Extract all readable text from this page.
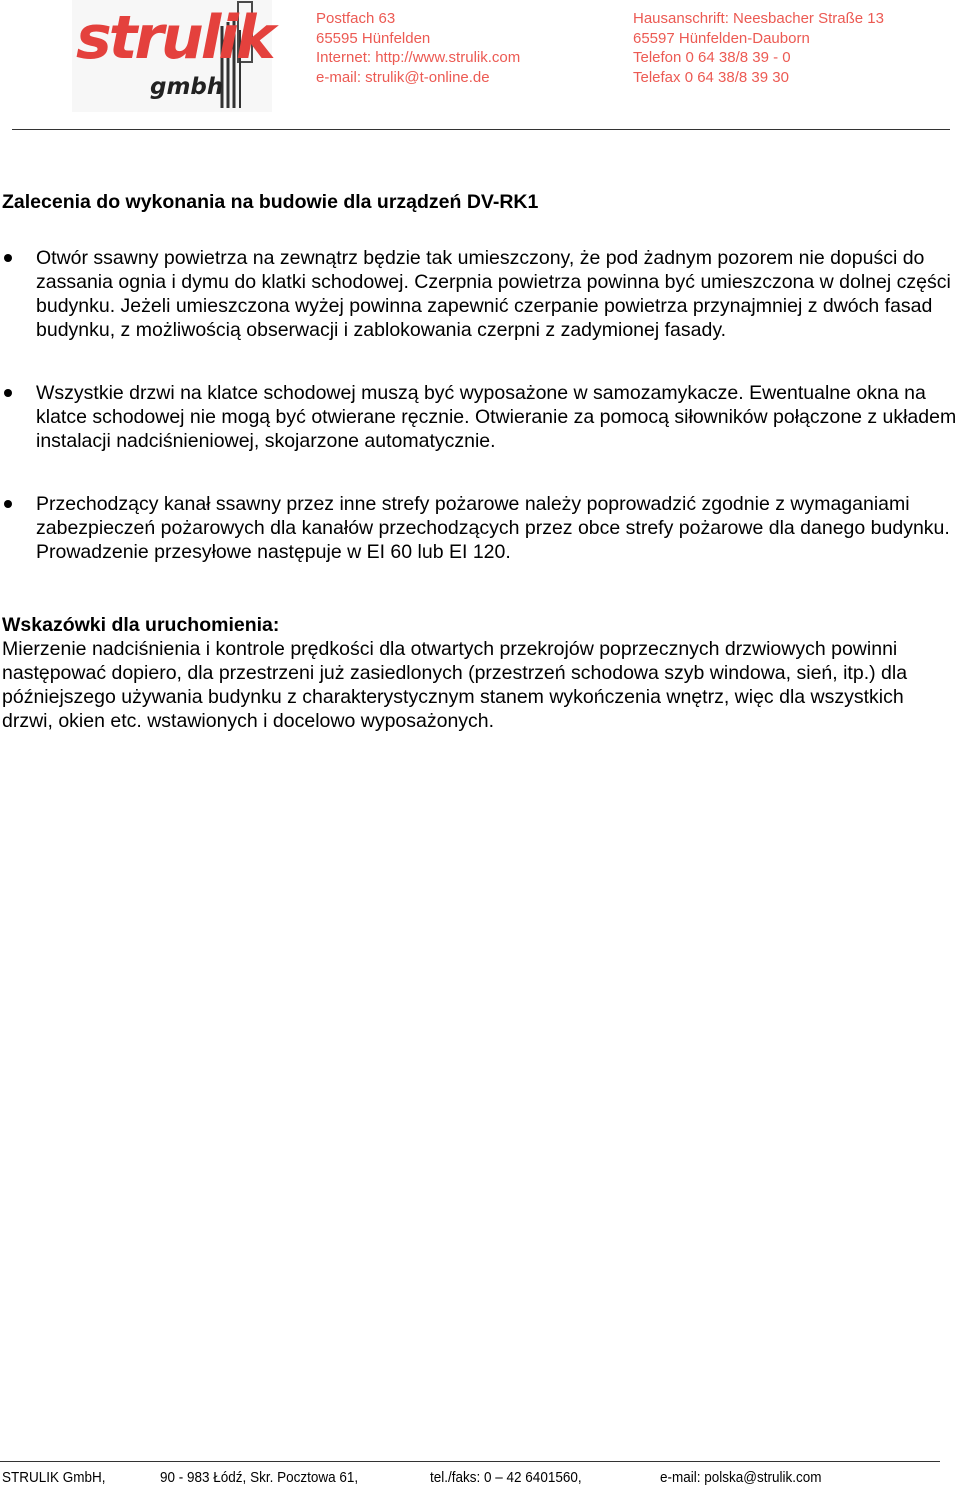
strulik
gmbh
Postfach 63
65595 Hünfelden
Internet: http://www.strulik.com
e-mail: strulik@t-online.de
Hausanschrift: Neesbacher Straße 13
65597 Hünfelden-Dauborn
Telefon 0 64 38/8 39 - 0
Telefax 0 64 38/8 39 30
Zalecenia do wykonania na budowie dla urządzeń DV-RK1
Otwór ssawny powietrza na zewnątrz będzie tak umieszczony, że pod żadnym pozorem nie dopuści do zassania ognia i dymu do klatki schodowej. Czerpnia powietrza powinna być umieszczona w dolnej części budynku. Jeżeli umieszczona wyżej powinna zapewnić czerpanie powietrza przynajmniej z dwóch fasad budynku, z możliwością obserwacji i zablokowania czerpni z zadymionej fasady.
Wszystkie drzwi na klatce schodowej muszą być wyposażone w samozamykacze. Ewentualne okna na klatce schodowej nie mogą być otwierane ręcznie. Otwieranie za pomocą siłowników połączone z układem instalacji nadciśnieniowej, skojarzone automatycznie.
Przechodzący kanał ssawny przez inne strefy pożarowe należy poprowadzić zgodnie z wymaganiami zabezpieczeń pożarowych dla kanałów przechodzących przez obce strefy pożarowe dla danego budynku. Prowadzenie przesyłowe następuje w EI 60 lub EI 120.
Wskazówki dla uruchomienia:
Mierzenie nadciśnienia i kontrole prędkości dla otwartych przekrojów poprzecznych drzwiowych powinni następować dopiero, dla przestrzeni już zasiedlonych (przestrzeń schodowa szyb windowa, sień, itp.) dla późniejszego używania budynku z charakterystycznym stanem wykończenia wnętrz, więc dla wszystkich drzwi, okien etc. wstawionych i docelowo wyposażonych.
STRULIK GmbH,	90 - 983 Łódź, Skr. Pocztowa 61,	tel./faks: 0 – 42 6401560,	e-mail: polska@strulik.com
